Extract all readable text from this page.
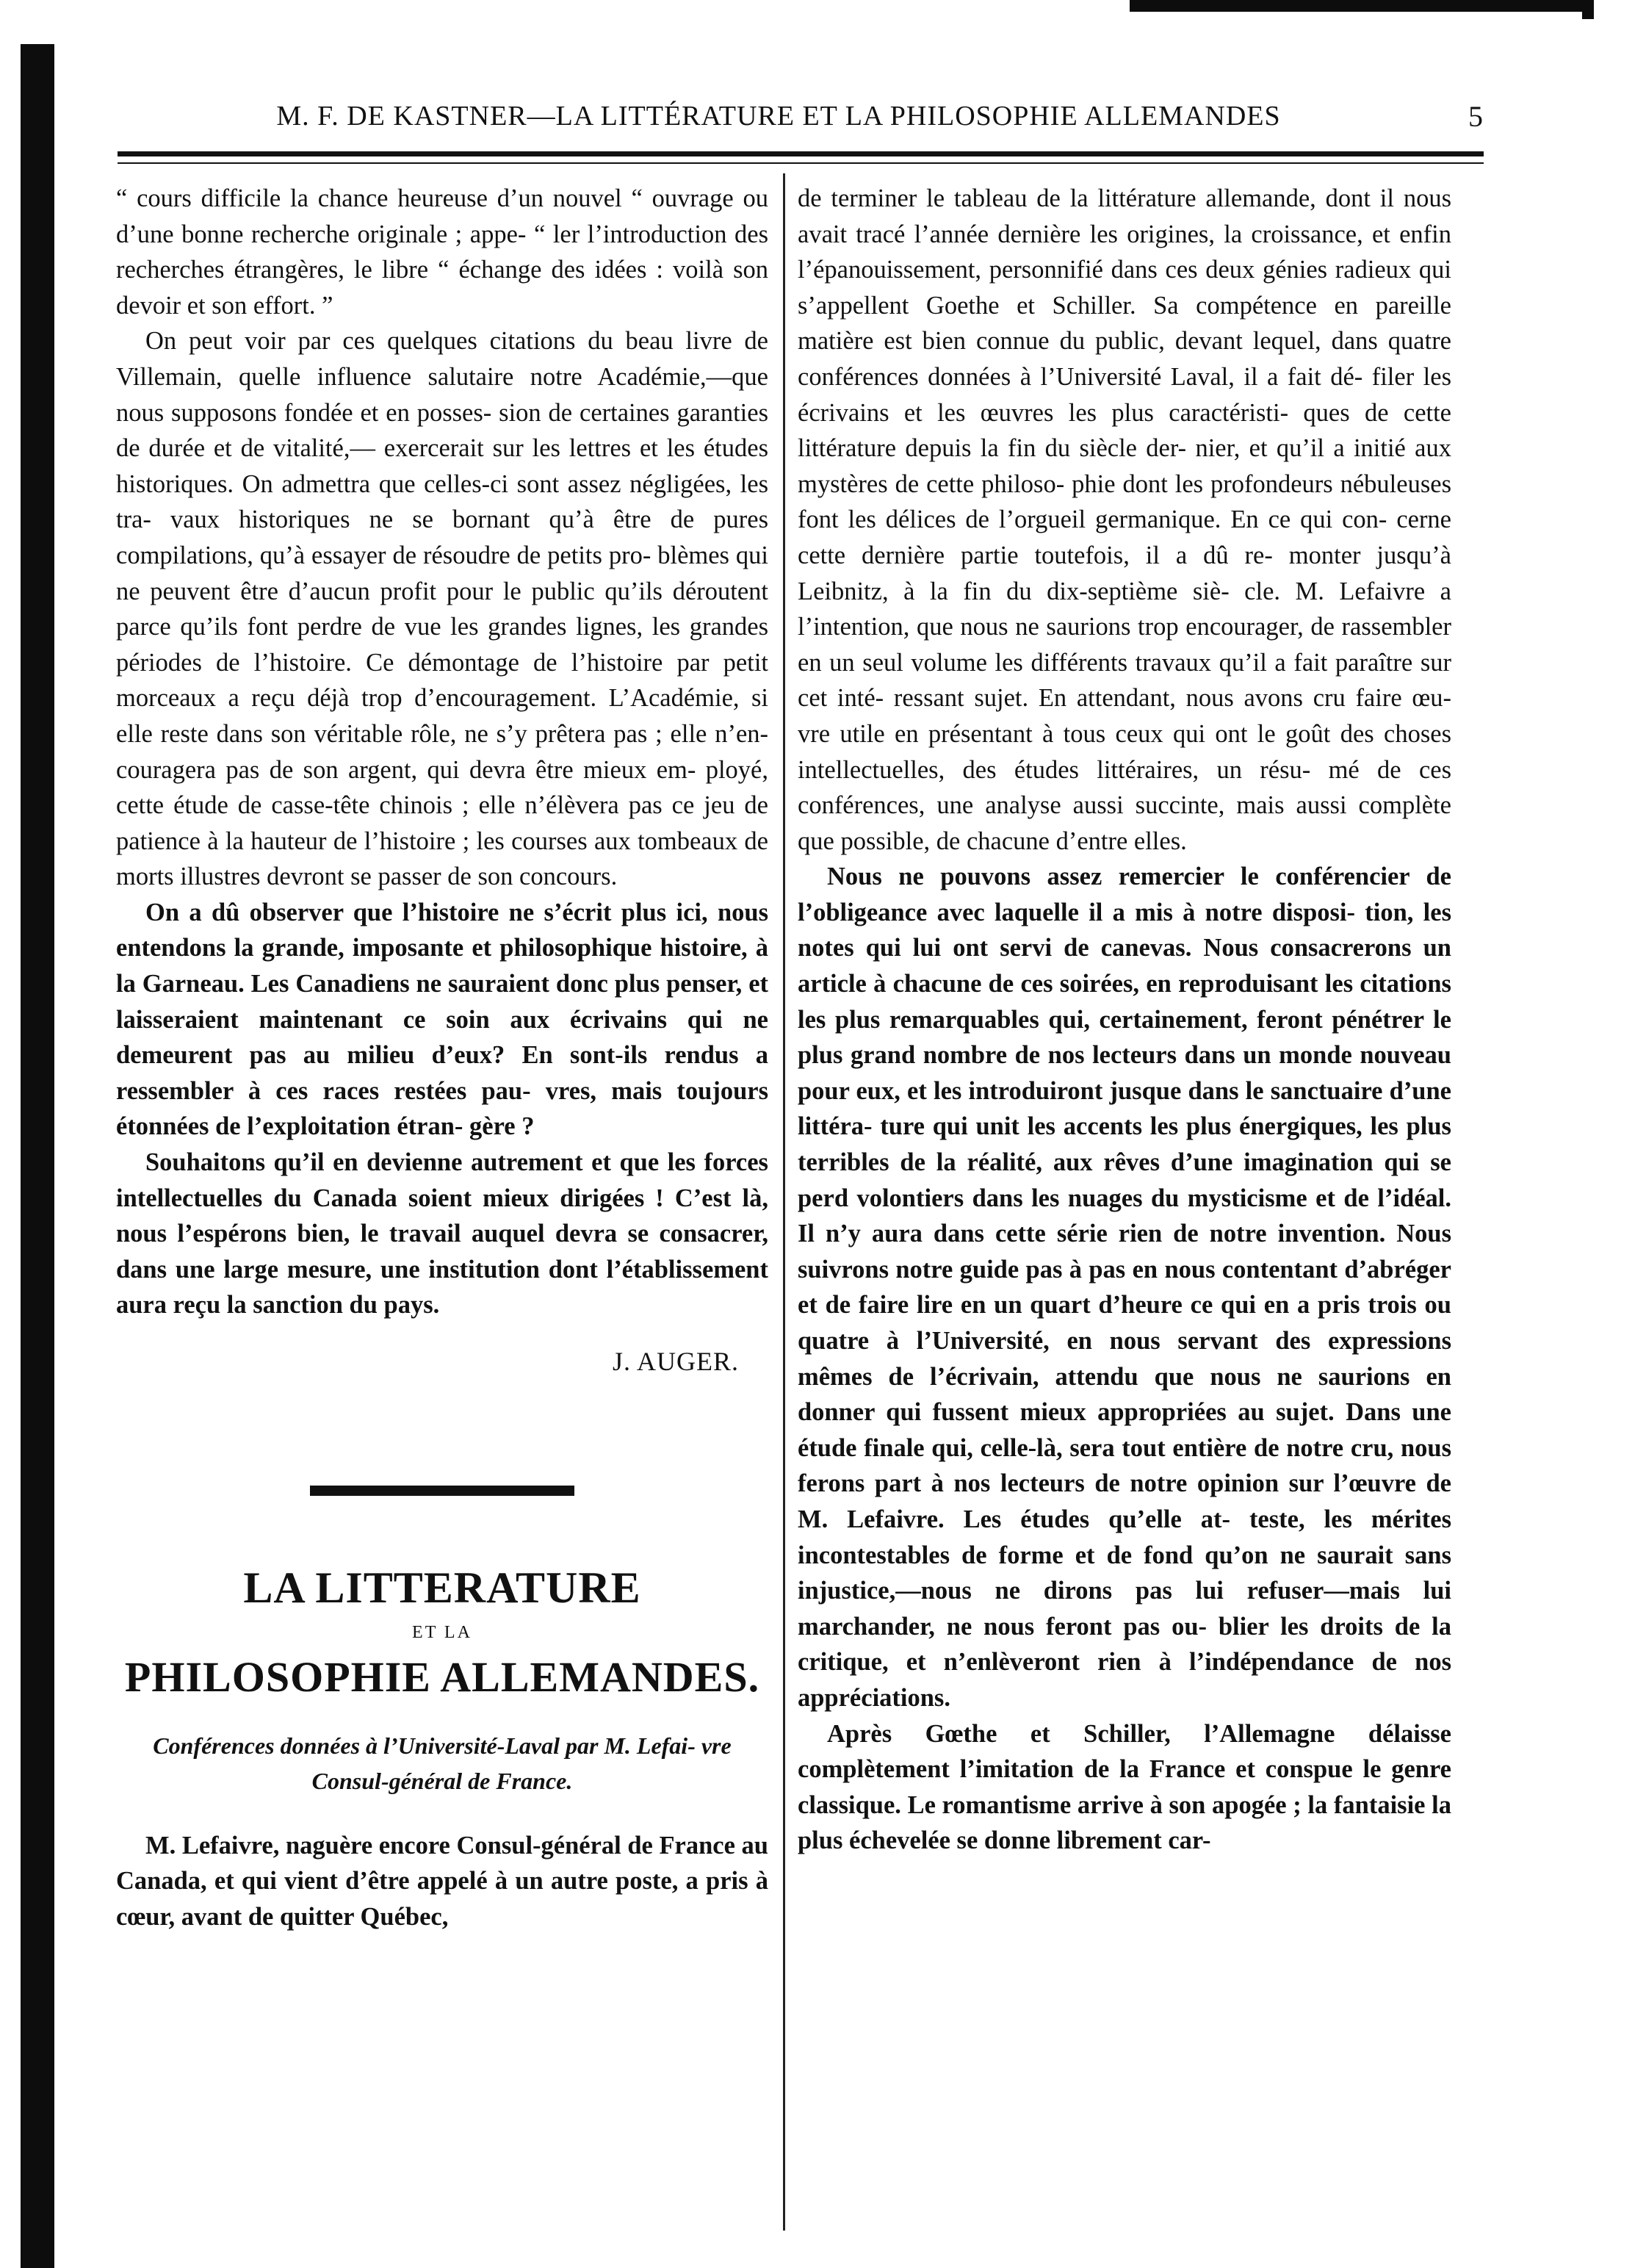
M. F. DE KASTNER—LA LITTÉRATURE ET LA PHILOSOPHIE ALLEMANDES	5

“ cours difficile la chance heureuse d’un nouvel “ ouvrage ou d’une bonne recherche originale ; appe- “ ler l’introduction des recherches étrangères, le libre “ échange des idées : voilà son devoir et son effort. ”

On peut voir par ces quelques citations du beau livre de Villemain, quelle influence salutaire notre Académie,—que nous supposons fondée et en posses- sion de certaines garanties de durée et de vitalité,— exercerait sur les lettres et les études historiques. On admettra que celles-ci sont assez négligées, les tra- vaux historiques ne se bornant qu’à être de pures compilations, qu’à essayer de résoudre de petits pro- blèmes qui ne peuvent être d’aucun profit pour le public qu’ils déroutent parce qu’ils font perdre de vue les grandes lignes, les grandes périodes de l’histoire. Ce démontage de l’histoire par petit morceaux a reçu déjà trop d’encouragement. L’Académie, si elle reste dans son véritable rôle, ne s’y prêtera pas ; elle n’en- couragera pas de son argent, qui devra être mieux em- ployé, cette étude de casse-tête chinois ; elle n’élèvera pas ce jeu de patience à la hauteur de l’histoire ; les courses aux tombeaux de morts illustres devront se passer de son concours.

On a dû observer que l’histoire ne s’écrit plus ici, nous entendons la grande, imposante et philosophique histoire, à la Garneau. Les Canadiens ne sauraient donc plus penser, et laisseraient maintenant ce soin aux écrivains qui ne demeurent pas au milieu d’eux? En sont-ils rendus a ressembler à ces races restées pau- vres, mais toujours étonnées de l’exploitation étran- gère ?

Souhaitons qu’il en devienne autrement et que les forces intellectuelles du Canada soient mieux dirigées ! C’est là, nous l’espérons bien, le travail auquel devra se consacrer, dans une large mesure, une institution dont l’établissement aura reçu la sanction du pays.

J. AUGER.
LA LITTERATURE
ET LA
PHILOSOPHIE ALLEMANDES.
Conférences données à l’Université-Laval par M. Lefai- vre Consul-général de France.

M. Lefaivre, naguère encore Consul-général de France au Canada, et qui vient d’être appelé à un autre poste, a pris à cœur, avant de quitter Québec,

de terminer le tableau de la littérature allemande, dont il nous avait tracé l’année dernière les origines, la croissance, et enfin l’épanouissement, personnifié dans ces deux génies radieux qui s’appellent Goethe et Schiller. Sa compétence en pareille matière est bien connue du public, devant lequel, dans quatre conférences données à l’Université Laval, il a fait dé- filer les écrivains et les œuvres les plus caractéristi- ques de cette littérature depuis la fin du siècle der- nier, et qu’il a initié aux mystères de cette philoso- phie dont les profondeurs nébuleuses font les délices de l’orgueil germanique. En ce qui con- cerne cette dernière partie toutefois, il a dû re- monter jusqu’à Leibnitz, à la fin du dix-septième siè- cle. M. Lefaivre a l’intention, que nous ne saurions trop encourager, de rassembler en un seul volume les différents travaux qu’il a fait paraître sur cet inté- ressant sujet. En attendant, nous avons cru faire œu- vre utile en présentant à tous ceux qui ont le goût des choses intellectuelles, des études littéraires, un résu- mé de ces conférences, une analyse aussi succinte, mais aussi complète que possible, de chacune d’entre elles.

Nous ne pouvons assez remercier le conférencier de l’obligeance avec laquelle il a mis à notre disposi- tion, les notes qui lui ont servi de canevas. Nous consacrerons un article à chacune de ces soirées, en reproduisant les citations les plus remarquables qui, certainement, feront pénétrer le plus grand nombre de nos lecteurs dans un monde nouveau pour eux, et les introduiront jusque dans le sanctuaire d’une littéra- ture qui unit les accents les plus énergiques, les plus terribles de la réalité, aux rêves d’une imagination qui se perd volontiers dans les nuages du mysticisme et de l’idéal. Il n’y aura dans cette série rien de notre invention. Nous suivrons notre guide pas à pas en nous contentant d’abréger et de faire lire en un quart d’heure ce qui en a pris trois ou quatre à l’Université, en nous servant des expressions mêmes de l’écrivain, attendu que nous ne saurions en donner qui fussent mieux appropriées au sujet. Dans une étude finale qui, celle-là, sera tout entière de notre cru, nous ferons part à nos lecteurs de notre opinion sur l’œuvre de M. Lefaivre. Les études qu’elle at- teste, les mérites incontestables de forme et de fond qu’on ne saurait sans injustice,—nous ne dirons pas lui refuser—mais lui marchander, ne nous feront pas ou- blier les droits de la critique, et n’enlèveront rien à l’indépendance de nos appréciations.

Après Gœthe et Schiller, l’Allemagne délaisse complètement l’imitation de la France et conspue le genre classique. Le romantisme arrive à son apogée ; la fantaisie la plus échevelée se donne librement car-
